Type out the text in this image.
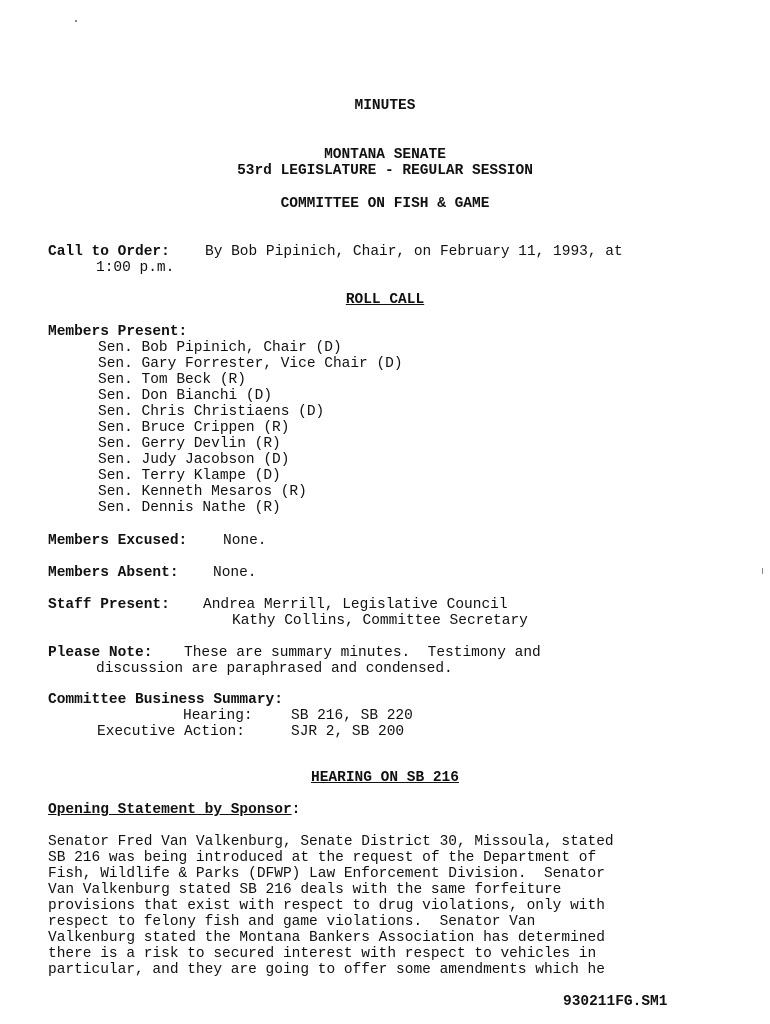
MINUTES
MONTANA SENATE
53rd LEGISLATURE - REGULAR SESSION
COMMITTEE ON FISH & GAME
Call to Order: By Bob Pipinich, Chair, on February 11, 1993, at
1:00 p.m.
ROLL CALL
Members Present:
Sen. Bob Pipinich, Chair (D)
Sen. Gary Forrester, Vice Chair (D)
Sen. Tom Beck (R)
Sen. Don Bianchi (D)
Sen. Chris Christiaens (D)
Sen. Bruce Crippen (R)
Sen. Gerry Devlin (R)
Sen. Judy Jacobson (D)
Sen. Terry Klampe (D)
Sen. Kenneth Mesaros (R)
Sen. Dennis Nathe (R)
Members Excused: None.
Members Absent: None.
Staff Present: Andrea Merrill, Legislative Council
Kathy Collins, Committee Secretary
Please Note: These are summary minutes.  Testimony and
discussion are paraphrased and condensed.
Committee Business Summary:
Hearing:	SB 216, SB 220
Executive Action:	SJR 2, SB 200
HEARING ON SB 216
Opening Statement by Sponsor:
Senator Fred Van Valkenburg, Senate District 30, Missoula, stated
SB 216 was being introduced at the request of the Department of
Fish, Wildlife & Parks (DFWP) Law Enforcement Division.  Senator
Van Valkenburg stated SB 216 deals with the same forfeiture
provisions that exist with respect to drug violations, only with
respect to felony fish and game violations.  Senator Van
Valkenburg stated the Montana Bankers Association has determined
there is a risk to secured interest with respect to vehicles in
particular, and they are going to offer some amendments which he
930211FG.SM1
